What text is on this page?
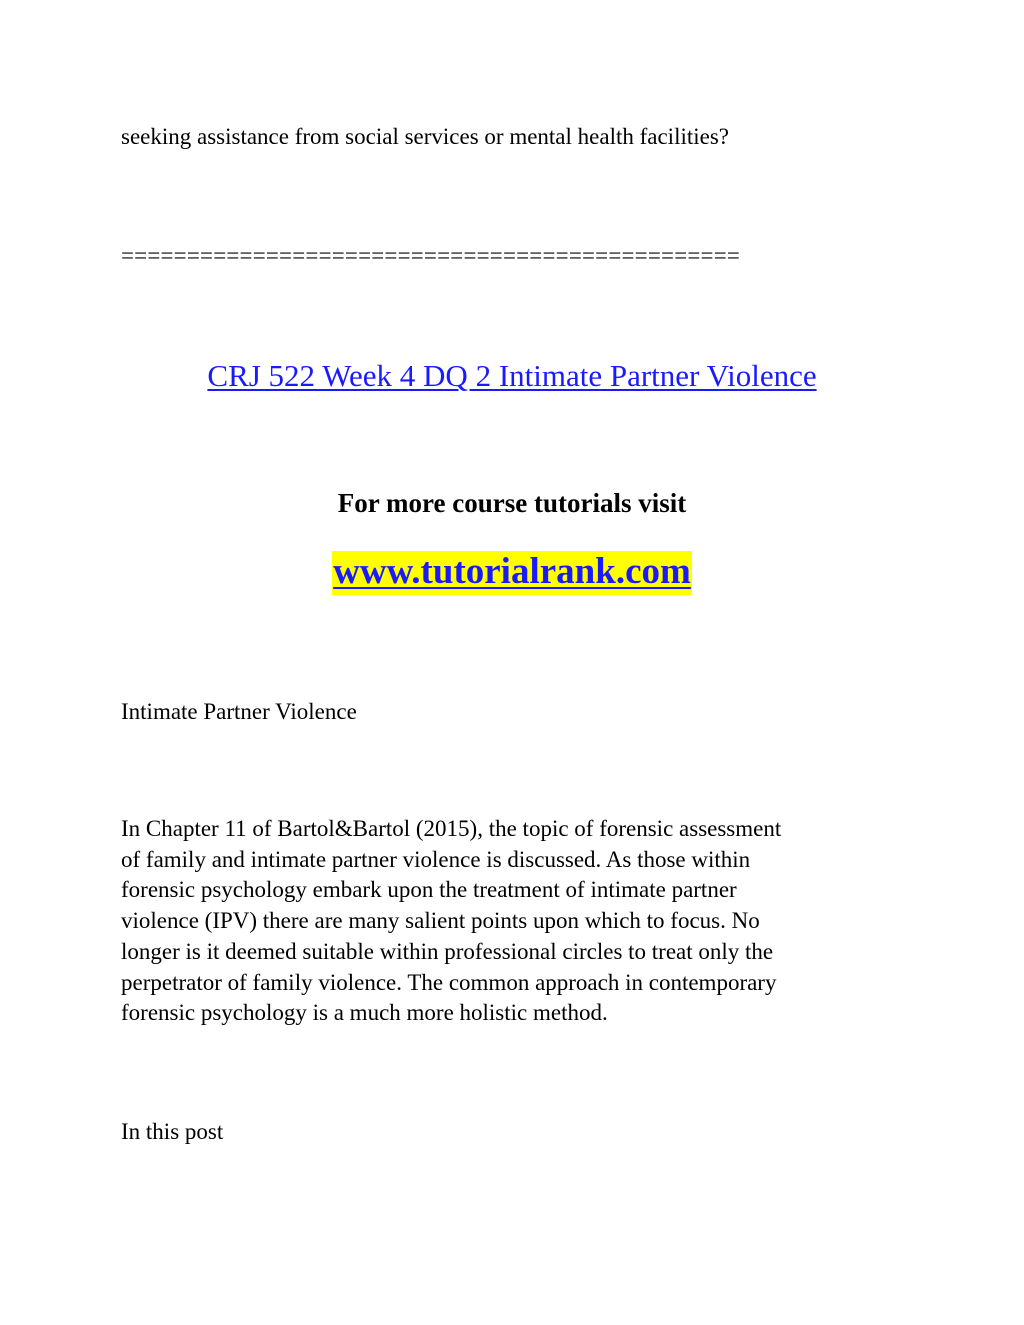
seeking assistance from social services or mental health facilities?

===============================================

CRJ 522 Week 4 DQ 2 Intimate Partner Violence

For more course tutorials visit

www.tutorialrank.com

Intimate Partner Violence

In Chapter 11 of Bartol&Bartol (2015), the topic of forensic assessment
of family and intimate partner violence is discussed. As those within
forensic psychology embark upon the treatment of intimate partner
violence (IPV) there are many salient points upon which to focus. No
longer is it deemed suitable within professional circles to treat only the
perpetrator of family violence. The common approach in contemporary
forensic psychology is a much more holistic method.

In this post
